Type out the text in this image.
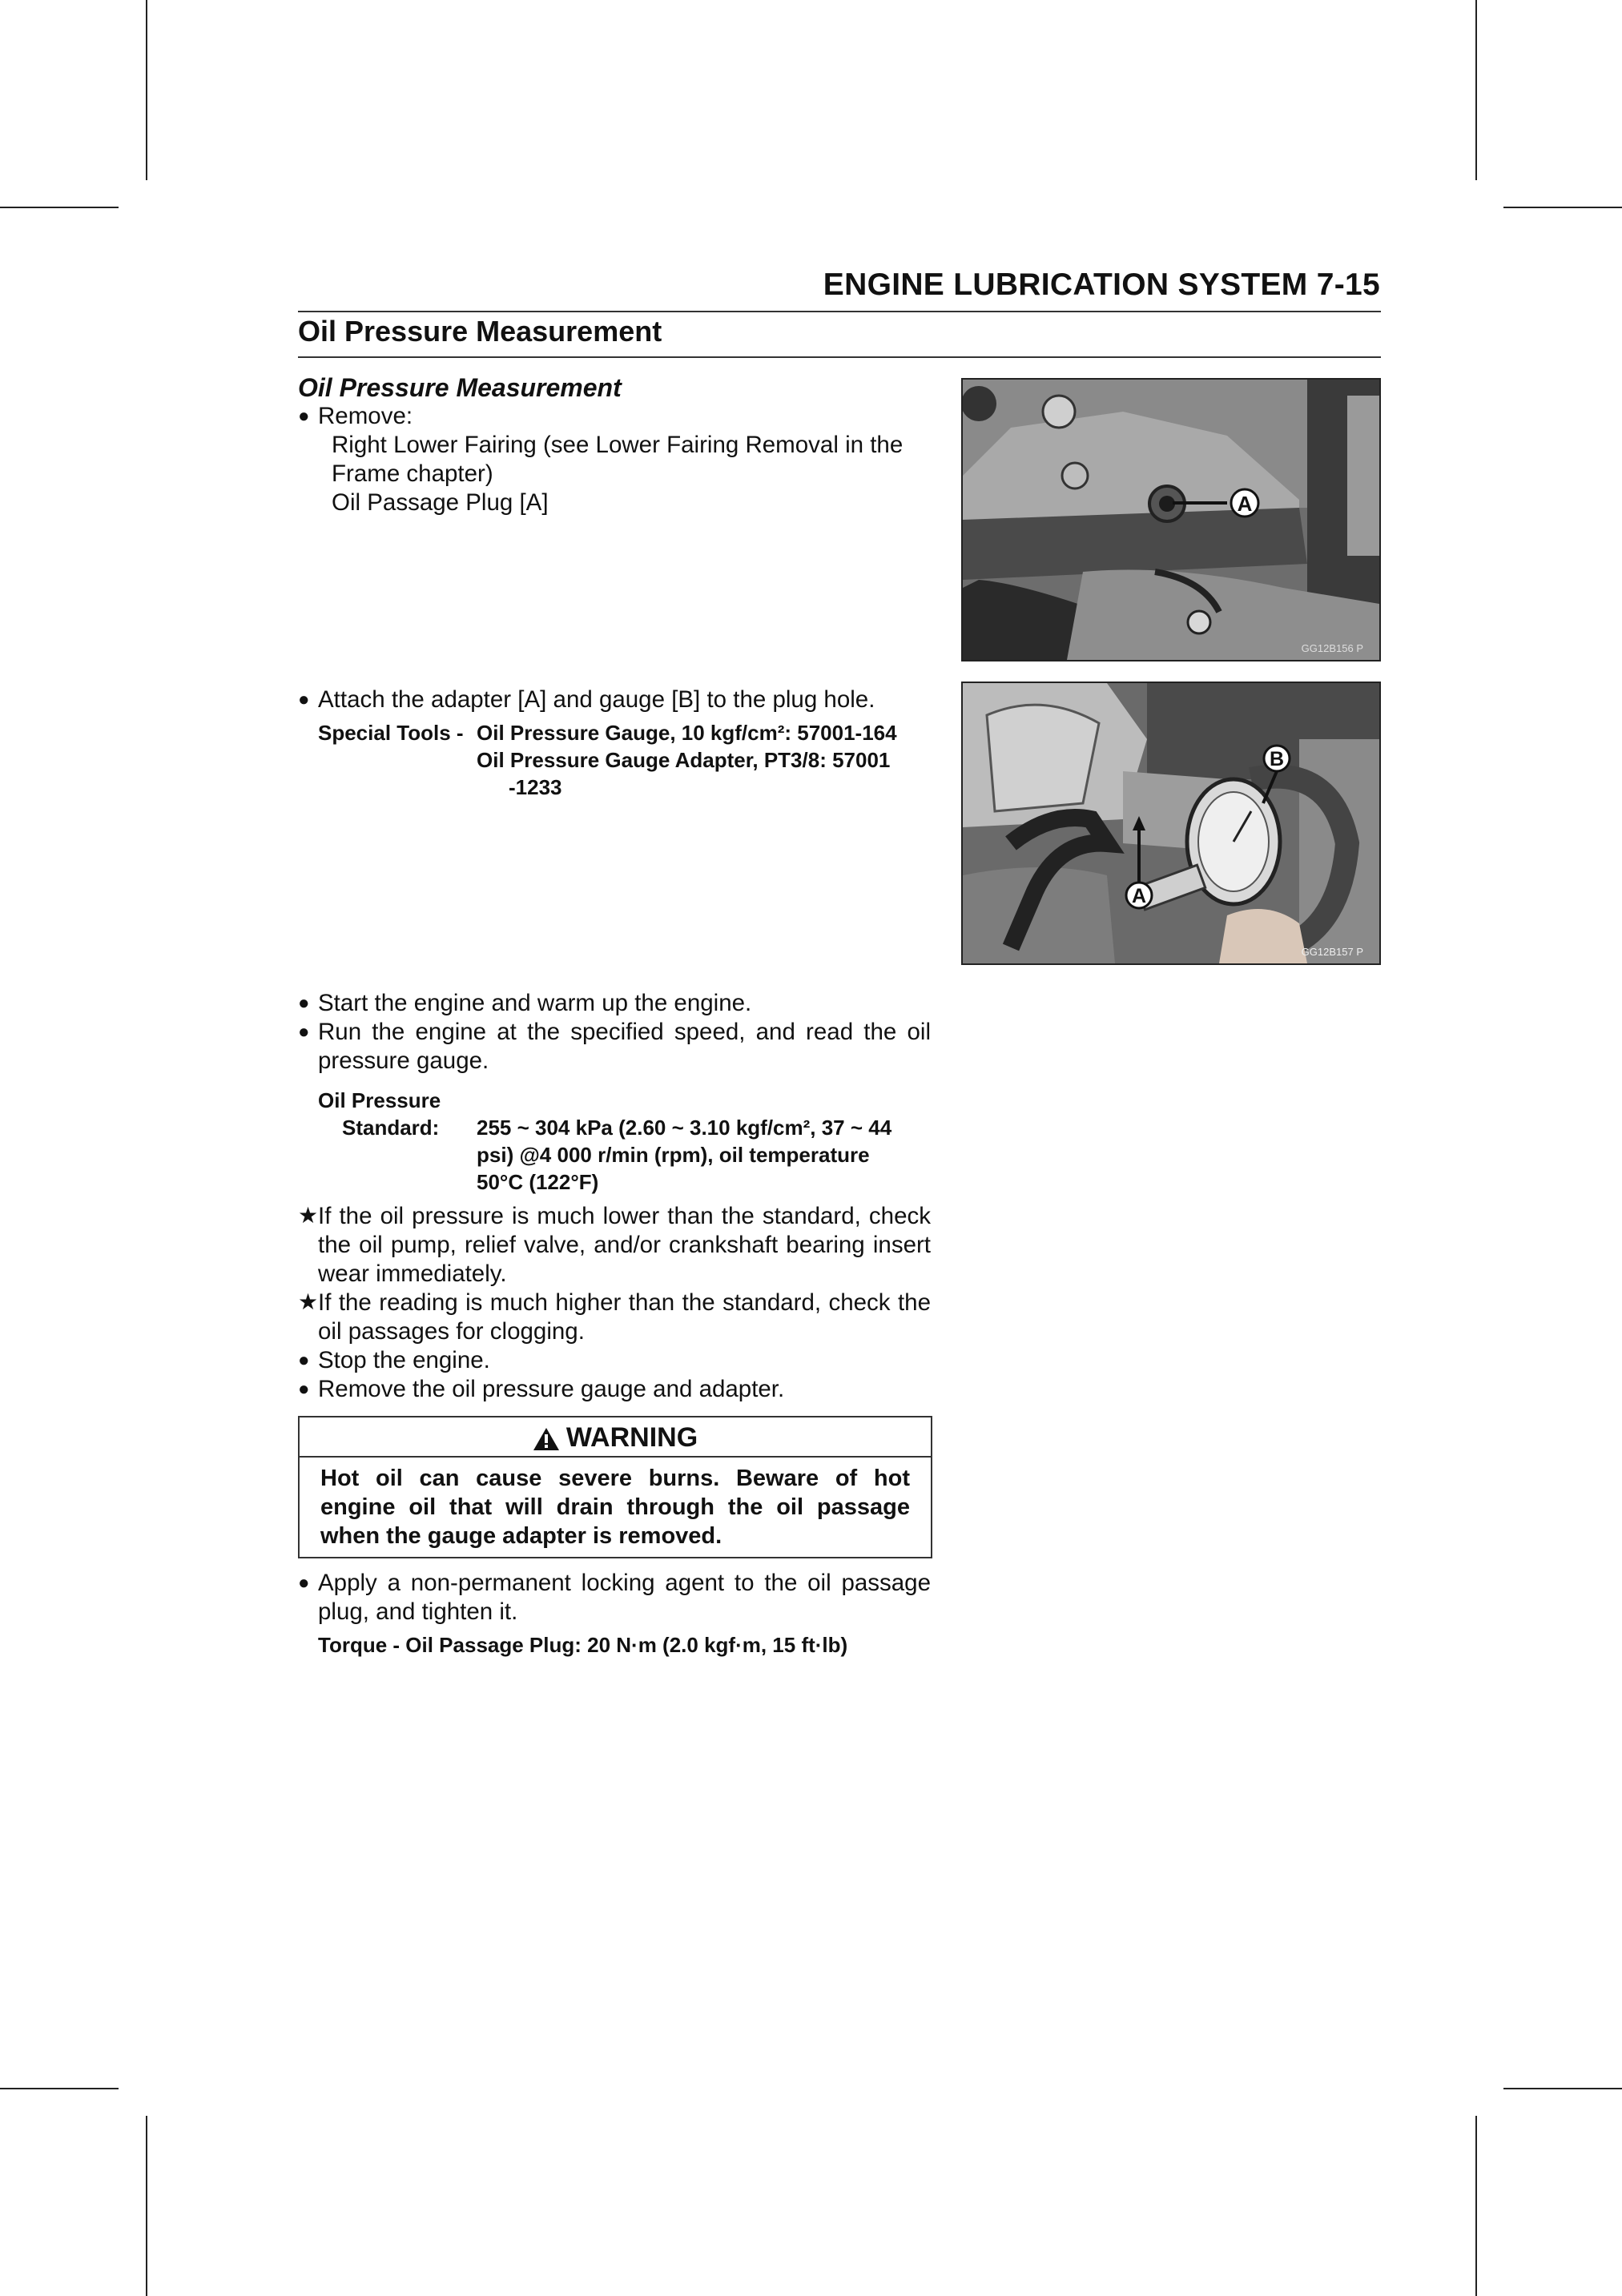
ENGINE LUBRICATION SYSTEM 7-15
Oil Pressure Measurement

Oil Pressure Measurement

● Remove:

Right Lower Fairing (see Lower Fairing Removal in the Frame chapter)

Oil Passage Plug [A]	A
GG12B156 P

● Attach the adapter [A] and gauge [B] to the plug hole.

Special Tools - Oil Pressure Gauge, 10 kgf/cm²: 57001-164
Oil Pressure Gauge Adapter, PT3/8: 57001
-1233
A
B
GG12B157 P

● Start the engine and warm up the engine.

● Run the engine at the specified speed, and read the oil pressure gauge.

Oil Pressure
Standard:	255 ~ 304 kPa (2.60 ~ 3.10 kgf/cm², 37 ~ 44
psi) @4 000 r/min (rpm), oil temperature
50°C (122°F)

★ If the oil pressure is much lower than the standard, check the oil pump, relief valve, and/or crankshaft bearing insert wear immediately.

★ If the reading is much higher than the standard, check the oil passages for clogging.

● Stop the engine.

● Remove the oil pressure gauge and adapter.

WARNING
Hot oil can cause severe burns. Beware of hot engine oil that will drain through the oil passage when the gauge adapter is removed.

● Apply a non-permanent locking agent to the oil passage plug, and tighten it.

Torque - Oil Passage Plug: 20 N·m (2.0 kgf·m, 15 ft·lb)
